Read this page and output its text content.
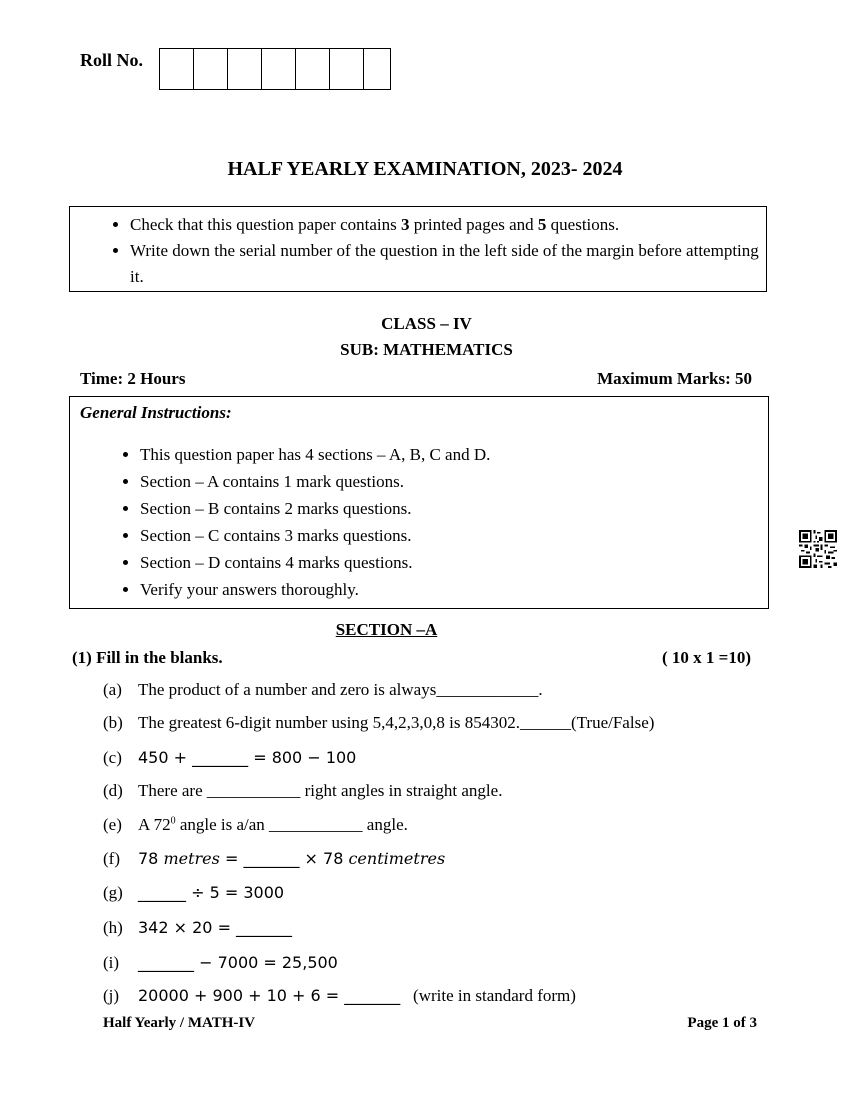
Roll No.
HALF YEARLY EXAMINATION, 2023- 2024
• Check that this question paper contains 3 printed pages and 5 questions.
• Write down the serial number of the question in the left side of the margin before attempting it.
CLASS – IV
SUB: MATHEMATICS
Time: 2 Hours	Maximum Marks: 50
General Instructions:
• This question paper has 4 sections – A, B, C and D.
• Section – A contains 1 mark questions.
• Section – B contains 2 marks questions.
• Section – C contains 3 marks questions.
• Section – D contains 4 marks questions.
• Verify your answers thoroughly.
SECTION –A
(1) Fill in the blanks.	( 10 x 1 =10)
(a) The product of a number and zero is always____________.
(b) The greatest 6-digit number using 5,4,2,3,0,8 is 854302.______(True/False)
(c) 450 + _______ = 800 − 100
(d) There are ___________ right angles in straight angle.
(e) A $72^0$ angle is a/an ___________ angle.
(f) 78 metres = _______ × 78 centimetres
(g) ______ ÷ 5 = 3000
(h) 342 × 20 = _______
(i) _______ − 7000 = 25,500
(j) 20000 + 900 + 10 + 6 = _______   (write in standard form)
Half Yearly / MATH-IV	Page 1 of 3
